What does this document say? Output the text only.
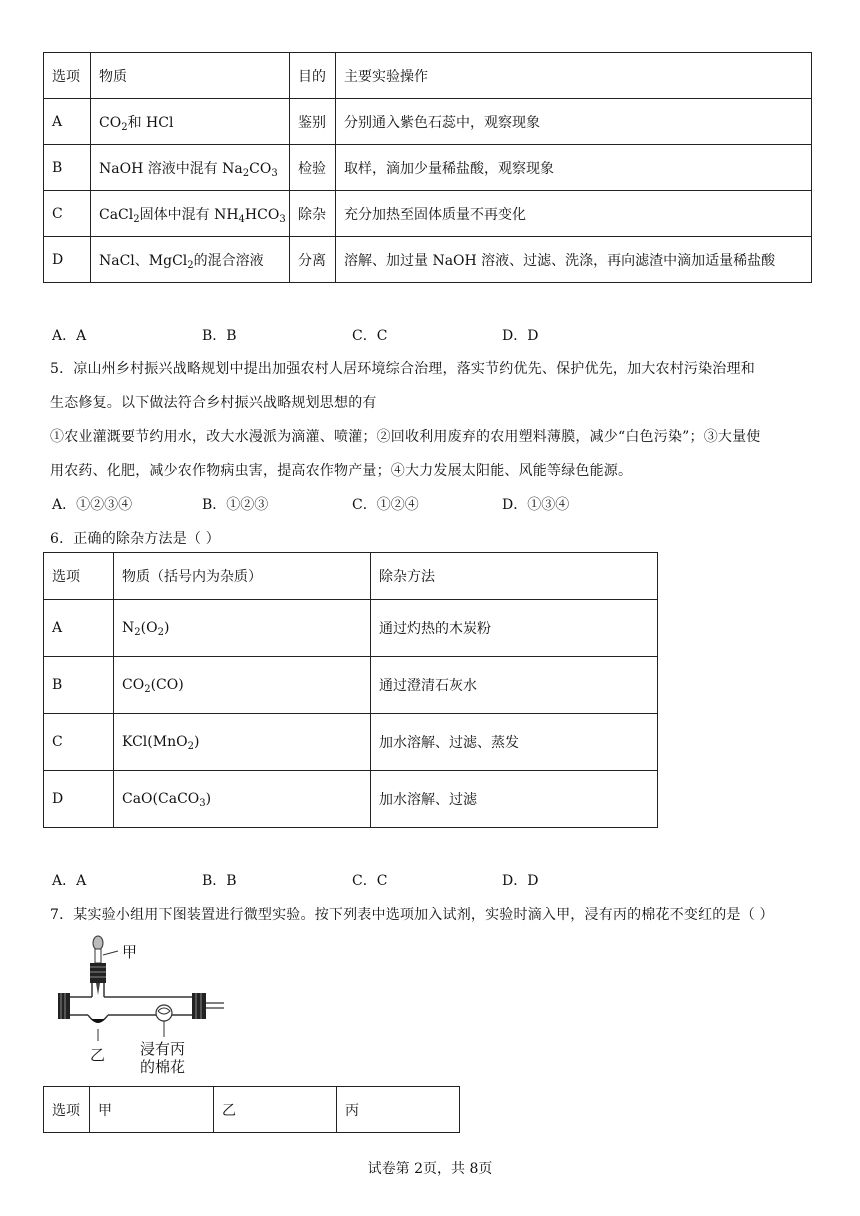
选项	物质	目的	主要实验操作
A	$CO_2$和 HCl	鉴别	分别通入紫色石蕊中，观察现象
B	NaOH 溶液中混有 $Na_2CO_3$	检验	取样，滴加少量稀盐酸，观察现象
C	CaCl$_2$固体中混有 $NH_4HCO_3$	除杂	充分加热至固体质量不再变化
D	NaCl、MgCl$_2$的混合溶液	分离	溶解、加过量 NaOH 溶液、过滤、洗涤，再向滤渣中滴加适量稀盐酸
A．A	B．B	C．C	D．D
5．凉山州乡村振兴战略规划中提出加强农村人居环境综合治理，落实节约优先、保护优先，加大农村污染治理和
生态修复。以下做法符合乡村振兴战略规划思想的有
①农业灌溉要节约用水，改大水漫派为滴灌、喷灌；②回收利用废弃的农用塑料薄膜，减少“白色污染”；③大量使
用农药、化肥，减少农作物病虫害，提高农作物产量；④大力发展太阳能、风能等绿色能源。
A．①②③④	B．①②③	C．①②④	D．①③④
6．正确的除杂方法是（ ）
选项	物质（括号内为杂质）	除杂方法
A	$N_2(O_2)$	通过灼热的木炭粉
B	$CO_2(CO)$	通过澄清石灰水
C	KCl(MnO$_2$)	加水溶解、过滤、蒸发
D	CaO(CaCO$_3$)	加水溶解、过滤
A．A	B．B	C．C	D．D
7．某实验小组用下图装置进行微型实验。按下列表中选项加入试剂，实验时滴入甲，浸有丙的棉花不变红的是（ ）
甲
乙 浸有丙
的棉花
选项	甲	乙	丙
试卷第 2页，共 8页
